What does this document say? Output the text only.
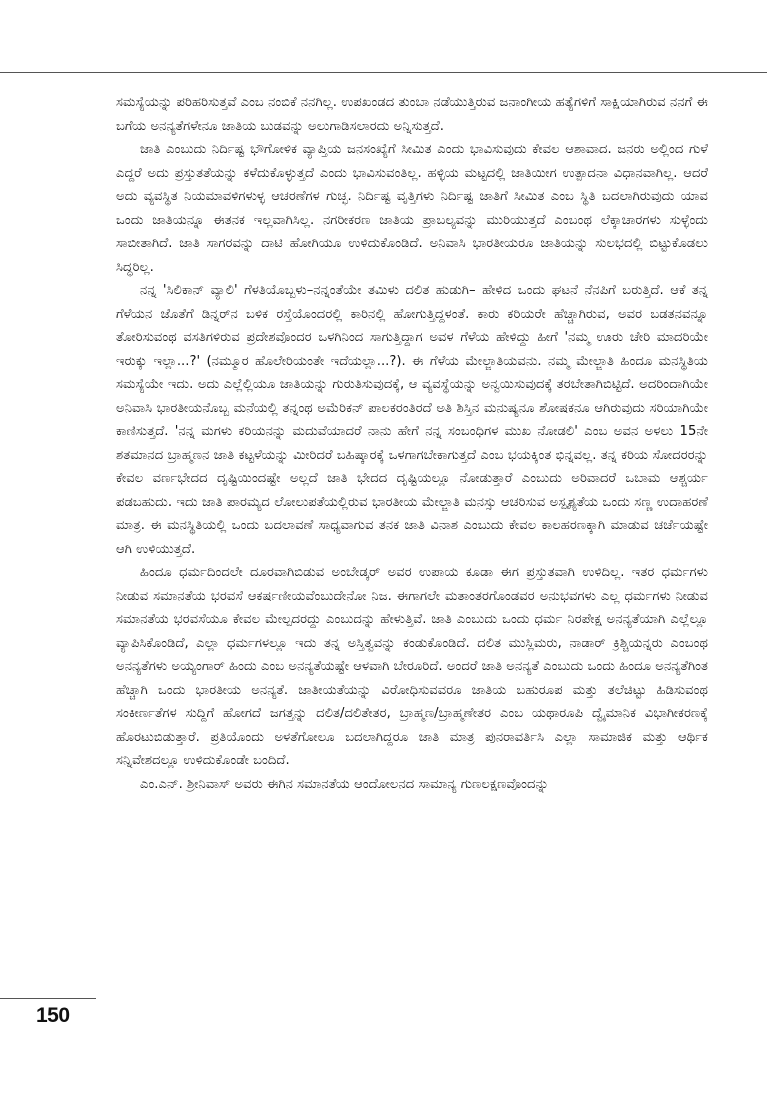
ಸಮಸ್ಯೆಯನ್ನು ಪರಿಹರಿಸುತ್ತವೆ ಎಂಬ ನಂಬಿಕೆ ನನಗಿಲ್ಲ. ಉಪಖಂಡದ ತುಂಬಾ ನಡೆಯುತ್ತಿರುವ ಜನಾಂಗೀಯ ಹತ್ಯೆಗಳಿಗೆ ಸಾಕ್ಷಿಯಾಗಿರುವ ನನಗೆ ಈ ಬಗೆಯ ಅನನ್ಯತೆಗಳೇನೂ ಜಾತಿಯ ಬುಡವನ್ನು ಅಲುಗಾಡಿಸಲಾರದು ಅನ್ನಿಸುತ್ತದೆ.

ಜಾತಿ ಎಂಬುದು ನಿರ್ದಿಷ್ಟ ಭೌಗೋಳಿಕ ವ್ಯಾಪ್ತಿಯ ಜನಸಂಖ್ಯೆಗೆ ಸೀಮಿತ ಎಂದು ಭಾವಿಸುವುದು ಕೇವಲ ಆಶಾವಾದ. ಜನರು ಅಲ್ಲಿಂದ ಗುಳೆ ಎದ್ದರೆ ಅದು ಪ್ರಸ್ತುತತೆಯನ್ನು ಕಳೆದುಕೊಳ್ಳುತ್ತದೆ ಎಂದು ಭಾವಿಸುವಂತಿಲ್ಲ. ಹಳ್ಳಿಯ ಮಟ್ಟದಲ್ಲಿ ಜಾತಿಯೀಗ ಉತ್ಪಾದನಾ ವಿಧಾನವಾಗಿಲ್ಲ. ಆದರೆ ಅದು ವ್ಯವಸ್ಥಿತ ನಿಯಮಾವಳಿಗಳುಳ್ಳ ಆಚರಣೆಗಳ ಗುಚ್ಛ. ನಿರ್ದಿಷ್ಟ ವೃತ್ತಿಗಳು ನಿರ್ದಿಷ್ಟ ಜಾತಿಗೆ ಸೀಮಿತ ಎಂಬ ಸ್ಥಿತಿ ಬದಲಾಗಿರುವುದು ಯಾವ ಒಂದು ಜಾತಿಯನ್ನೂ ಈತನಕ ಇಲ್ಲವಾಗಿಸಿಲ್ಲ. ನಗರೀಕರಣ ಜಾತಿಯ ಪ್ರಾಬಲ್ಯವನ್ನು ಮುರಿಯುತ್ತದೆ ಎಂಬಂಥ ಲೆಕ್ಕಾಚಾರಗಳು ಸುಳ್ಳೆಂದು ಸಾಬೀತಾಗಿದೆ. ಜಾತಿ ಸಾಗರವನ್ನು ದಾಟಿ ಹೋಗಿಯೂ ಉಳಿದುಕೊಂಡಿದೆ. ಅನಿವಾಸಿ ಭಾರತೀಯರೂ ಜಾತಿಯನ್ನು ಸುಲಭದಲ್ಲಿ ಬಿಟ್ಟುಕೊಡಲು ಸಿದ್ಧರಿಲ್ಲ.

ನನ್ನ 'ಸಿಲಿಕಾನ್ ವ್ಯಾಲಿ' ಗೆಳತಿಯೊಬ್ಬಳು–ನನ್ನಂತೆಯೇ ತಮಿಳು ದಲಿತ ಹುಡುಗಿ– ಹೇಳಿದ ಒಂದು ಘಟನೆ ನೆನಪಿಗೆ ಬರುತ್ತಿದೆ. ಆಕೆ ತನ್ನ ಗೆಳೆಯನ ಜೊತೆಗೆ ಡಿನ್ನರ್‌ನ ಬಳಿಕ ರಸ್ತೆಯೊಂದರಲ್ಲಿ ಕಾರಿನಲ್ಲಿ ಹೋಗುತ್ತಿದ್ದಳಂತೆ. ಕಾರು ಕರಿಯರೇ ಹೆಚ್ಚಾಗಿರುವ, ಅವರ ಬಡತನವನ್ನೂ ತೋರಿಸುವಂಥ ವಸತಿಗಳಿರುವ ಪ್ರದೇಶವೊಂದರ ಒಳಗಿನಿಂದ ಸಾಗುತ್ತಿದ್ದಾಗ ಅವಳ ಗೆಳೆಯ ಹೇಳಿದ್ದು ಹೀಗೆ 'ನಮ್ಮ ಊರು ಚೇರಿ ಮಾದರಿಯೇ ಇರುಕ್ಕು ಇಲ್ಲಾ...?' (ನಮ್ಮೂರ ಹೊಲೇರಿಯಂತೇ ಇದೆಯಲ್ಲಾ...?). ಈ ಗೆಳೆಯ ಮೇಲ್ಜಾತಿಯವನು. ನಮ್ಮ ಮೇಲ್ಜಾತಿ ಹಿಂದೂ ಮನಸ್ಥಿತಿಯ ಸಮಸ್ಯೆಯೇ ಇದು. ಅದು ಎಲ್ಲೆಲ್ಲಿಯೂ ಜಾತಿಯನ್ನು ಗುರುತಿಸುವುದಕ್ಕೆ, ಆ ವ್ಯವಸ್ಥೆಯನ್ನು ಅನ್ವಯಿಸುವುದಕ್ಕೆ ತರಬೇತಾಗಿಬಿಟ್ಟಿದೆ. ಅದರಿಂದಾಗಿಯೇ ಅನಿವಾಸಿ ಭಾರತೀಯನೊಬ್ಬ ಮನೆಯಲ್ಲಿ ತನ್ನಂಥ ಅಮೆರಿಕನ್ ಪಾಲಕರಂತಿರದೆ ಅತಿ ಶಿಸ್ತಿನ ಮನುಷ್ಯನೂ ಶೋಷಕನೂ ಆಗಿರುವುದು ಸರಿಯಾಗಿಯೇ ಕಾಣಿಸುತ್ತದೆ. 'ನನ್ನ ಮಗಳು ಕರಿಯನನ್ನು ಮದುವೆಯಾದರೆ ನಾನು ಹೇಗೆ ನನ್ನ ಸಂಬಂಧಿಗಳ ಮುಖ ನೋಡಲಿ' ಎಂಬ ಅವನ ಅಳಲು 15ನೇ ಶತಮಾನದ ಬ್ರಾಹ್ಮಣನ ಜಾತಿ ಕಟ್ಟಳೆಯನ್ನು ಮೀರಿದರೆ ಬಹಿಷ್ಕಾರಕ್ಕೆ ಒಳಗಾಗಬೇಕಾಗುತ್ತದೆ ಎಂಬ ಭಯಕ್ಕಿಂತ ಭಿನ್ನವಲ್ಲ. ತನ್ನ ಕರಿಯ ಸೋದರರನ್ನು ಕೇವಲ ವರ್ಣಭೇದದ ದೃಷ್ಟಿಯಿಂದಷ್ಟೇ ಅಲ್ಲದೆ ಜಾತಿ ಭೇದದ ದೃಷ್ಟಿಯಲ್ಲೂ ನೋಡುತ್ತಾರೆ ಎಂಬುದು ಅರಿವಾದರೆ ಒಬಾಮ ಆಶ್ಚರ್ಯ ಪಡಬಹುದು. ಇದು ಜಾತಿ ಪಾರಮ್ಯದ ಲೋಲುಪತೆಯಲ್ಲಿರುವ ಭಾರತೀಯ ಮೇಲ್ಜಾತಿ ಮನಸ್ಸು ಆಚರಿಸುವ ಅಸ್ಪೃಶ್ಯತೆಯ ಒಂದು ಸಣ್ಣ ಉದಾಹರಣೆ ಮಾತ್ರ. ಈ ಮನಸ್ಥಿತಿಯಲ್ಲಿ ಒಂದು ಬದಲಾವಣೆ ಸಾಧ್ಯವಾಗುವ ತನಕ ಜಾತಿ ವಿನಾಶ ಎಂಬುದು ಕೇವಲ ಕಾಲಹರಣಕ್ಕಾಗಿ ಮಾಡುವ ಚರ್ಚೆಯಷ್ಟೇ ಆಗಿ ಉಳಿಯುತ್ತದೆ.

ಹಿಂದೂ ಧರ್ಮದಿಂದಲೇ ದೂರವಾಗಿಬಿಡುವ ಅಂಬೇಡ್ಕರ್ ಅವರ ಉಪಾಯ ಕೂಡಾ ಈಗ ಪ್ರಸ್ತುತವಾಗಿ ಉಳಿದಿಲ್ಲ. ಇತರ ಧರ್ಮಗಳು ನೀಡುವ ಸಮಾನತೆಯ ಭರವಸೆ ಆಕರ್ಷಣೀಯವೆಂಬುದೇನೋ ನಿಜ. ಈಗಾಗಲೇ ಮತಾಂತರಗೊಂಡವರ ಅನುಭವಗಳು ಎಲ್ಲ ಧರ್ಮಗಳು ನೀಡುವ ಸಮಾನತೆಯ ಭರವಸೆಯೂ ಕೇವಲ ಮೇಲ್ಪದರದ್ದು ಎಂಬುದನ್ನು ಹೇಳುತ್ತಿವೆ. ಜಾತಿ ಎಂಬುದು ಒಂದು ಧರ್ಮ ನಿರಪೇಕ್ಷ ಅನನ್ಯತೆಯಾಗಿ ಎಲ್ಲೆಲ್ಲೂ ವ್ಯಾಪಿಸಿಕೊಂಡಿದೆ, ಎಲ್ಲಾ ಧರ್ಮಗಳಲ್ಲೂ ಇದು ತನ್ನ ಅಸ್ತಿತ್ವವನ್ನು ಕಂಡುಕೊಂಡಿದೆ. ದಲಿತ ಮುಸ್ಲಿಮರು, ನಾಡಾರ್ ಕ್ರಿಶ್ಚಿಯನ್ನರು ಎಂಬಂಥ ಅನನ್ಯತೆಗಳು ಅಯ್ಯಂಗಾರ್ ಹಿಂದು ಎಂಬ ಅನನ್ಯತೆಯಷ್ಟೇ ಆಳವಾಗಿ ಬೇರೂರಿದೆ. ಅಂದರೆ ಜಾತಿ ಅನನ್ಯತೆ ಎಂಬುದು ಒಂದು ಹಿಂದೂ ಅನನ್ಯತೆಗಿಂತ ಹೆಚ್ಚಾಗಿ ಒಂದು ಭಾರತೀಯ ಅನನ್ಯತೆ. ಜಾತೀಯತೆಯನ್ನು ವಿರೋಧಿಸುವವರೂ ಜಾತಿಯ ಬಹುರೂಪ ಮತ್ತು ತಲೆಚಿಟ್ಟು ಹಿಡಿಸುವಂಥ ಸಂಕೀರ್ಣತೆಗಳ ಸುದ್ದಿಗೆ ಹೋಗದೆ ಜಗತ್ತನ್ನು ದಲಿತ/ದಲಿತೇತರ, ಬ್ರಾಹ್ಮಣ/ಬ್ರಾಹ್ಮಣೇತರ ಎಂಬ ಯಥಾರೂಪಿ ದ್ವೈಮಾನಿಕ ವಿಭಾಗೀಕರಣಕ್ಕೆ ಹೊರಟುಬಿಡುತ್ತಾರೆ. ಪ್ರತಿಯೊಂದು ಅಳತೆಗೋಲೂ ಬದಲಾಗಿದ್ದರೂ ಜಾತಿ ಮಾತ್ರ ಪುನರಾವರ್ತಿಸಿ ಎಲ್ಲಾ ಸಾಮಾಜಿಕ ಮತ್ತು ಆರ್ಥಿಕ ಸನ್ನಿವೇಶದಲ್ಲೂ ಉಳಿದುಕೊಂಡೇ ಬಂದಿದೆ.

ಎಂ.ಎನ್. ಶ್ರೀನಿವಾಸ್ ಅವರು ಈಗಿನ ಸಮಾನತೆಯ ಆಂದೋಲನದ ಸಾಮಾನ್ಯ ಗುಣಲಕ್ಷಣವೊಂದನ್ನು

150
